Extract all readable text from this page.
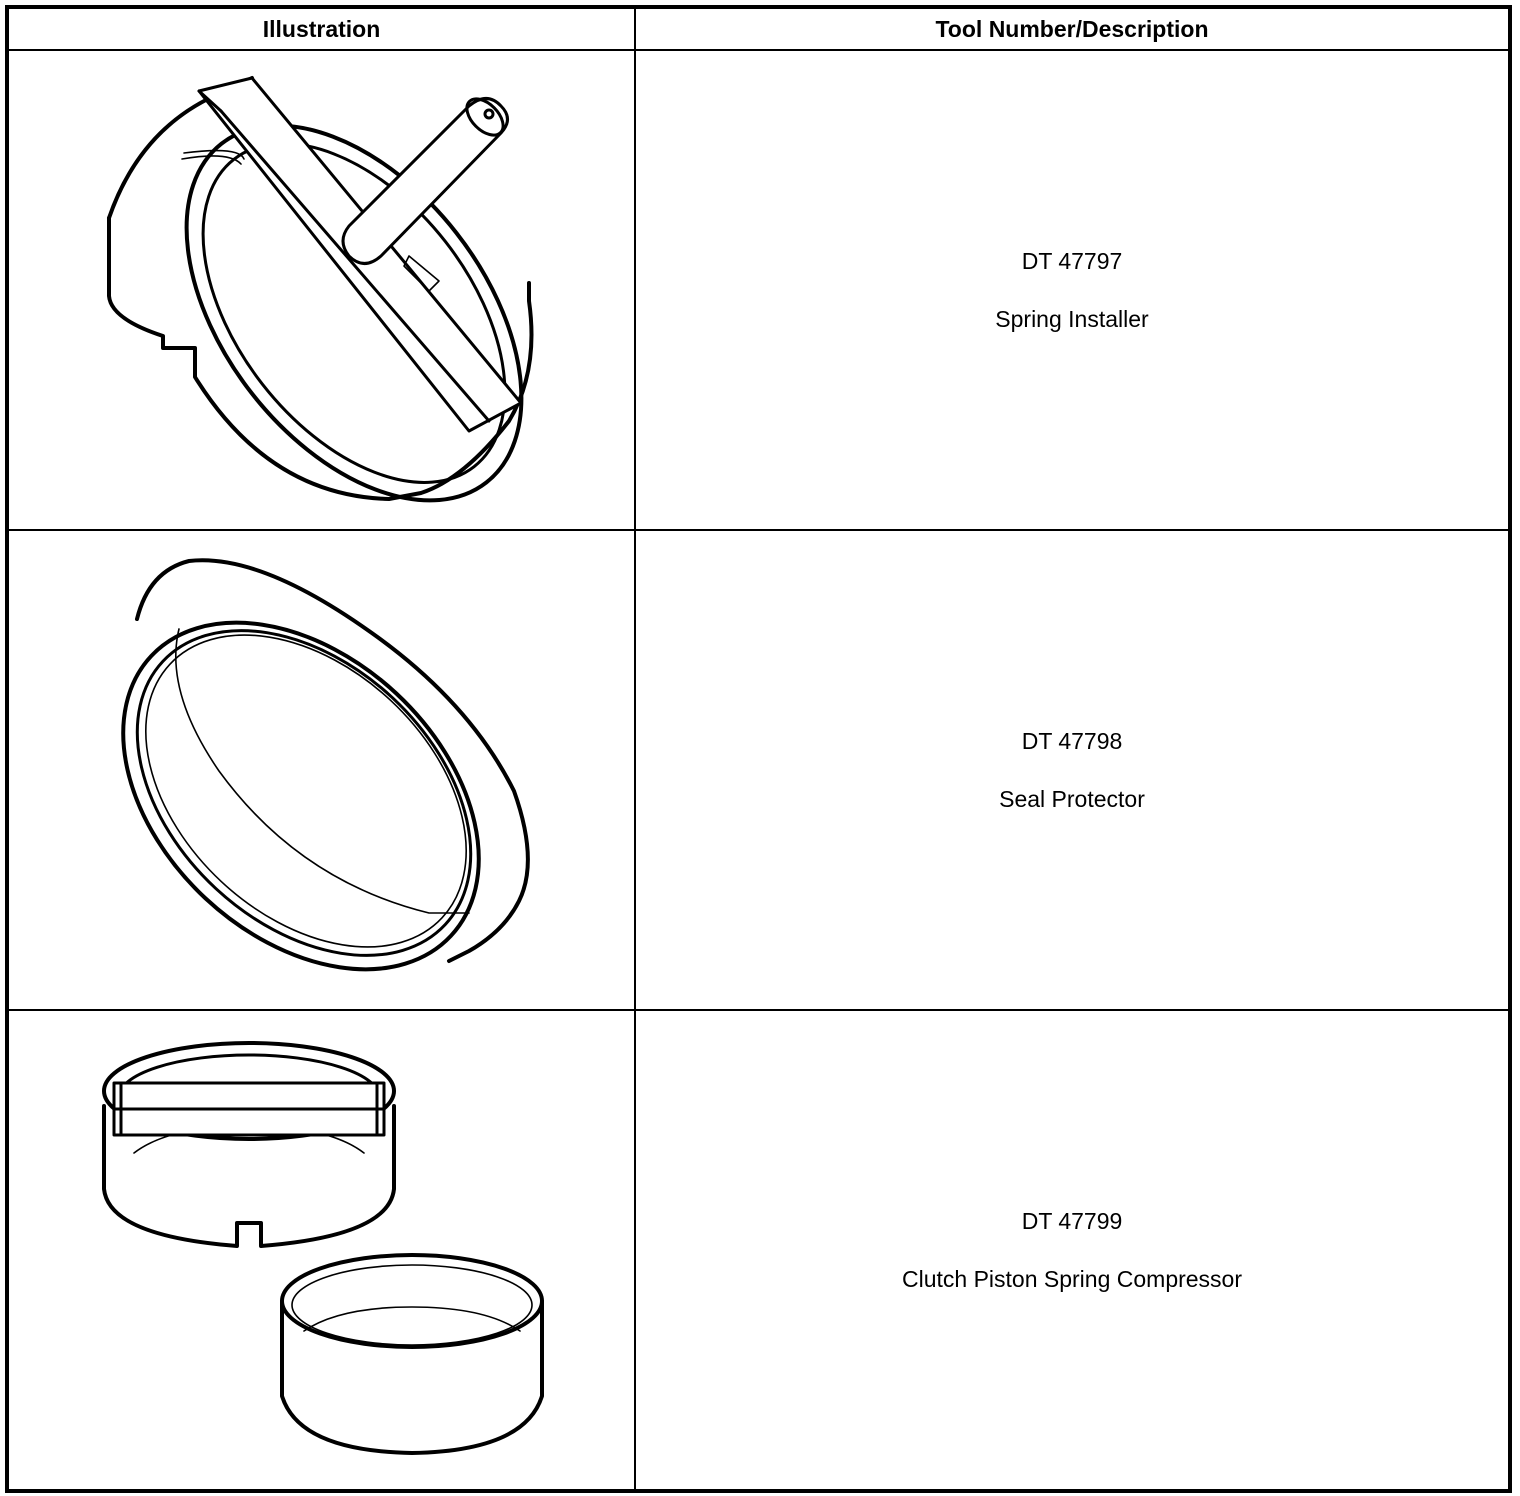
Illustration	Tool Number/Description

DT 47797
Spring Installer

DT 47798
Seal Protector

DT 47799
Clutch Piston Spring Compressor
